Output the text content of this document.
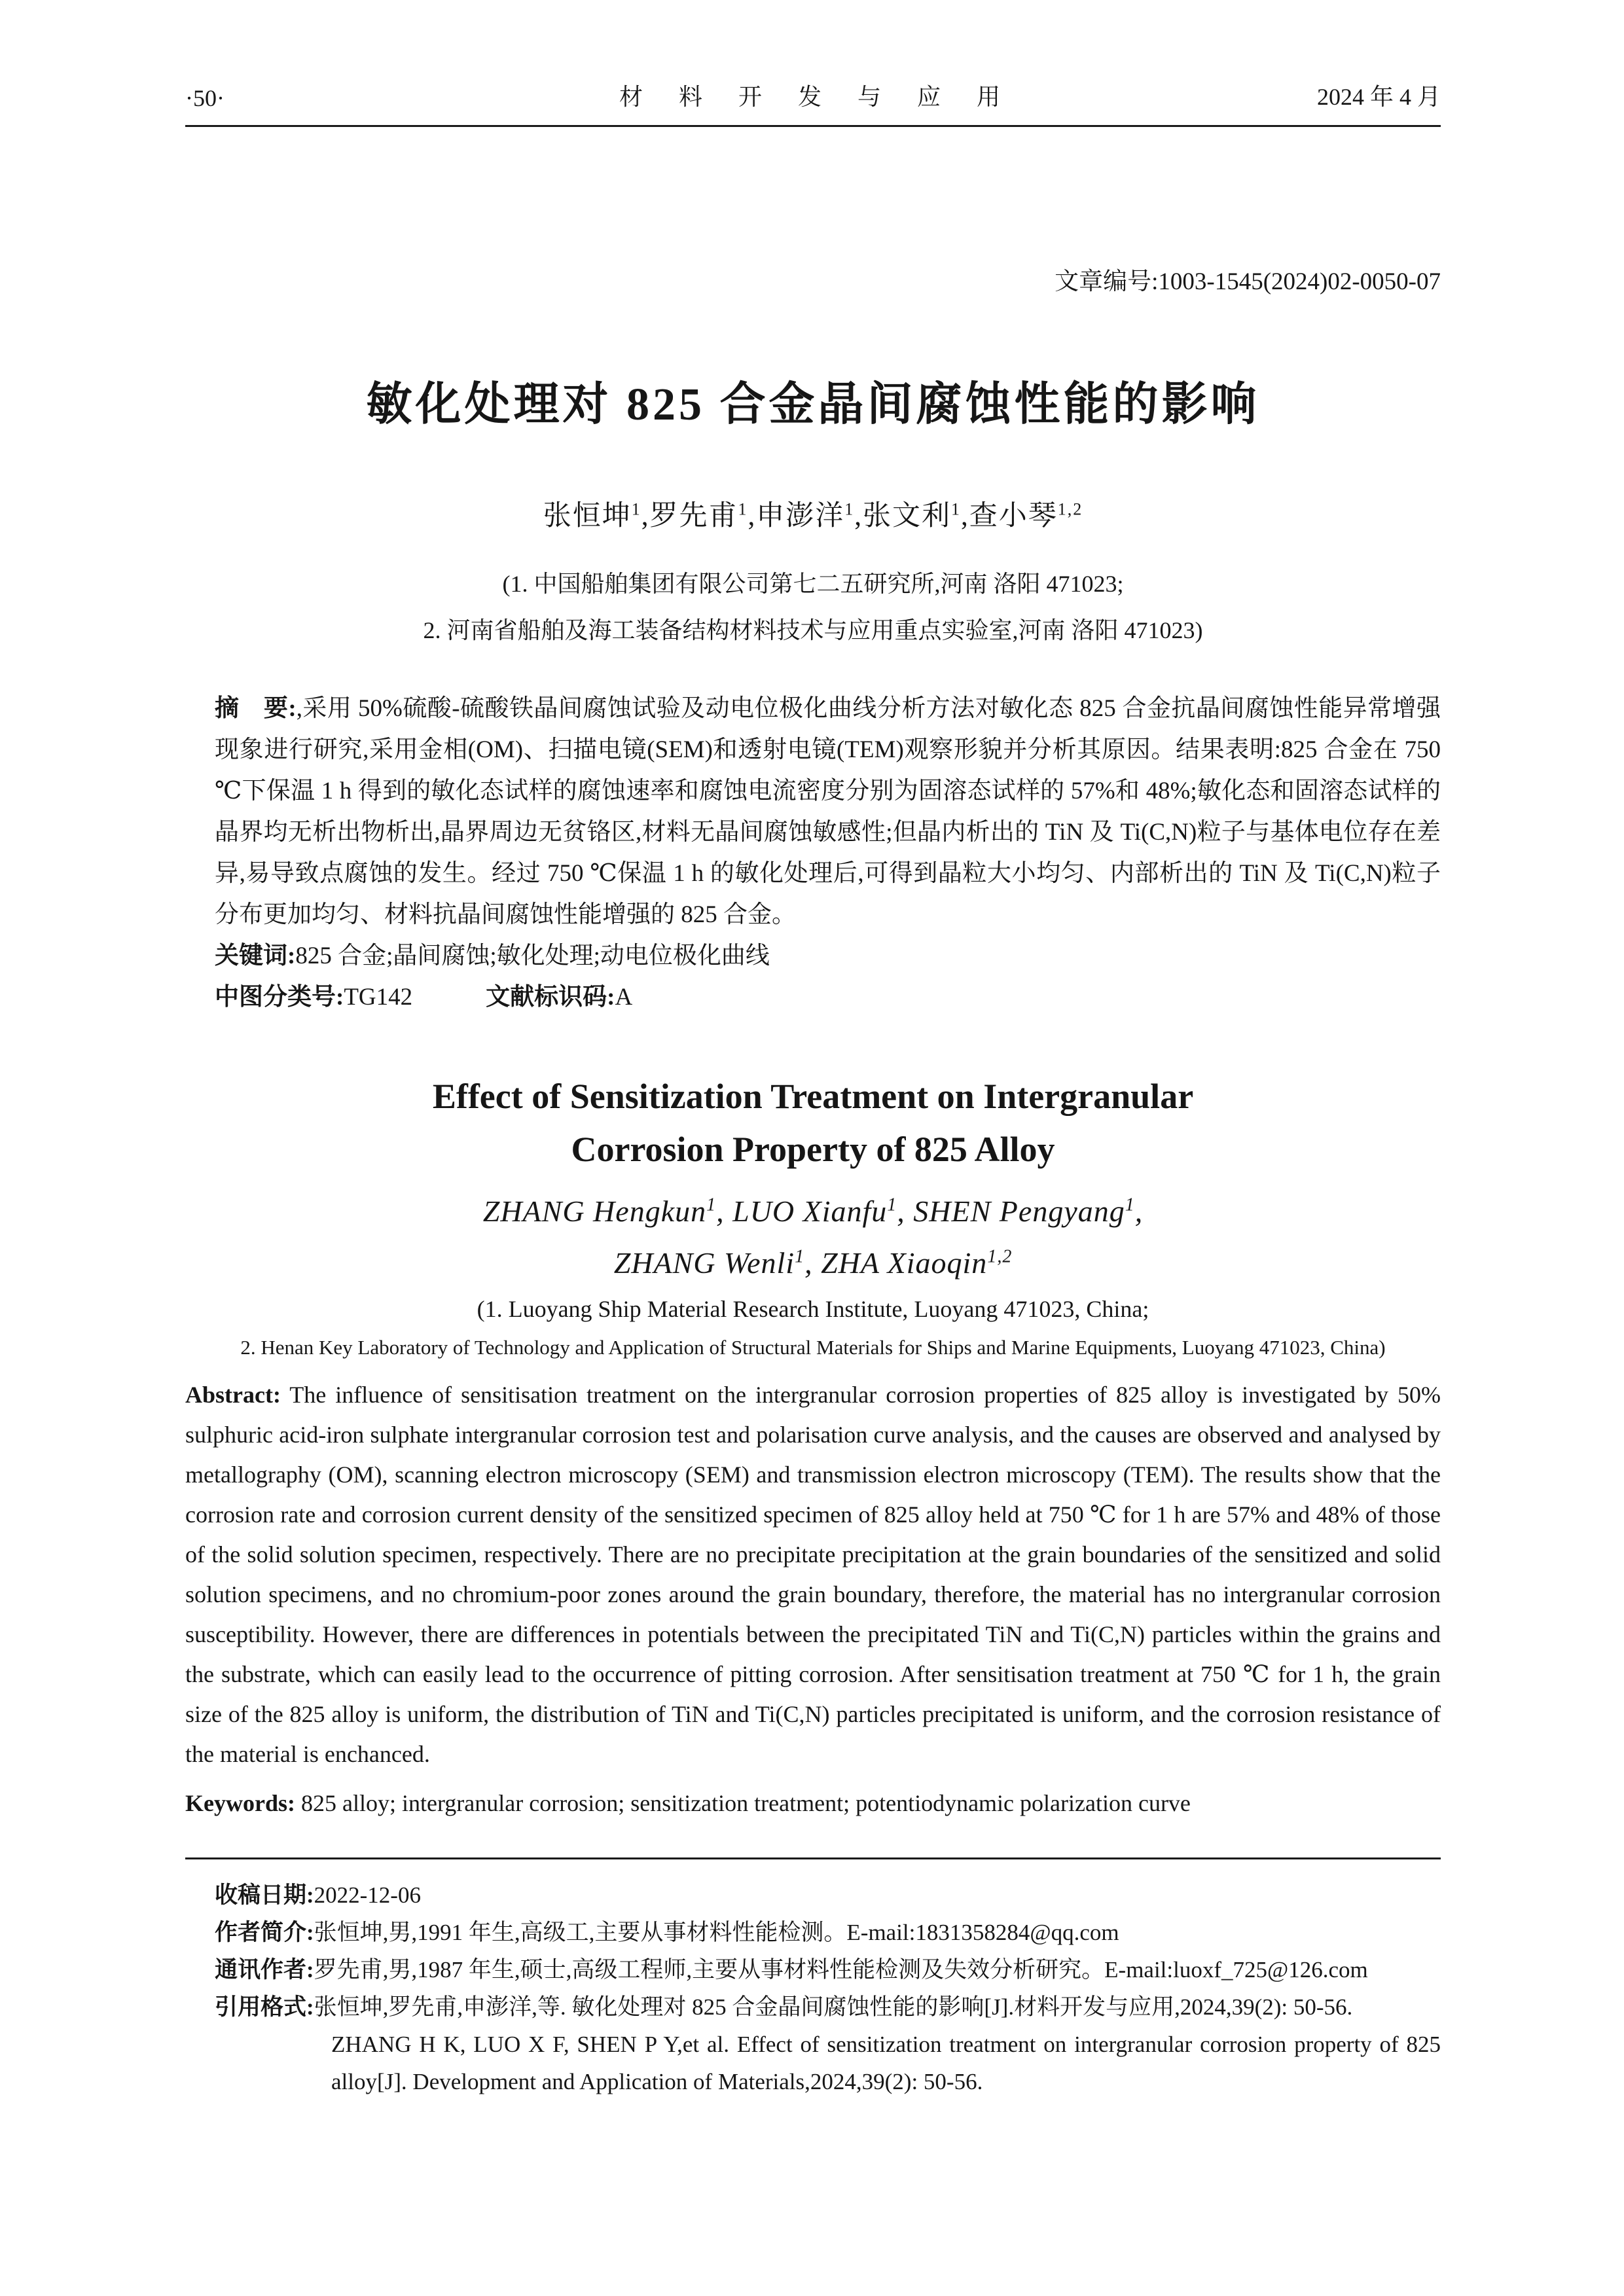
·50·	材 料 开 发 与 应 用	2024 年 4 月
文章编号:1003-1545(2024)02-0050-07
敏化处理对 825 合金晶间腐蚀性能的影响
张恒坤$^1$,罗先甫$^1$,申澎洋$^1$,张文利$^1$,查小琴$^{1,2}$
(1. 中国船舶集团有限公司第七二五研究所,河南 洛阳 471023;
2. 河南省船舶及海工装备结构材料技术与应用重点实验室,河南 洛阳 471023)
摘　要:,采用 50%硫酸-硫酸铁晶间腐蚀试验及动电位极化曲线分析方法对敏化态 825 合金抗晶间腐蚀性能异常增强现象进行研究,采用金相(OM)、扫描电镜(SEM)和透射电镜(TEM)观察形貌并分析其原因。结果表明:825 合金在 750 ℃下保温 1 h 得到的敏化态试样的腐蚀速率和腐蚀电流密度分别为固溶态试样的 57%和 48%;敏化态和固溶态试样的晶界均无析出物析出,晶界周边无贫铬区,材料无晶间腐蚀敏感性;但晶内析出的 TiN 及 Ti(C,N)粒子与基体电位存在差异,易导致点腐蚀的发生。经过 750 ℃保温 1 h 的敏化处理后,可得到晶粒大小均匀、内部析出的 TiN 及 Ti(C,N)粒子分布更加均匀、材料抗晶间腐蚀性能增强的 825 合金。
关键词:825 合金;晶间腐蚀;敏化处理;动电位极化曲线
中图分类号:TG142	文献标识码:A
Effect of Sensitization Treatment on Intergranular
Corrosion Property of 825 Alloy
ZHANG Hengkun$^1$, LUO Xianfu$^1$, SHEN Pengyang$^1$,
ZHANG Wenli$^1$, ZHA Xiaoqin$^{1,2}$
(1. Luoyang Ship Material Research Institute, Luoyang 471023, China;
2. Henan Key Laboratory of Technology and Application of Structural Materials for Ships and Marine Equipments, Luoyang 471023, China)

Abstract: The influence of sensitisation treatment on the intergranular corrosion properties of 825 alloy is investigated by 50% sulphuric acid-iron sulphate intergranular corrosion test and polarisation curve analysis, and the causes are observed and analysed by metallography (OM), scanning electron microscopy (SEM) and transmission electron microscopy (TEM). The results show that the corrosion rate and corrosion current density of the sensitized specimen of 825 alloy held at 750 ℃ for 1 h are 57% and 48% of those of the solid solution specimen, respectively. There are no precipitate precipitation at the grain boundaries of the sensitized and solid solution specimens, and no chromium-poor zones around the grain boundary, therefore, the material has no intergranular corrosion susceptibility. However, there are differences in potentials between the precipitated TiN and Ti(C,N) particles within the grains and the substrate, which can easily lead to the occurrence of pitting corrosion. After sensitisation treatment at 750 ℃ for 1 h, the grain size of the 825 alloy is uniform, the distribution of TiN and Ti(C,N) particles precipitated is uniform, and the corrosion resistance of the material is enchanced.

Keywords: 825 alloy; intergranular corrosion; sensitization treatment; potentiodynamic polarization curve

收稿日期:2022-12-06
作者简介:张恒坤,男,1991 年生,高级工,主要从事材料性能检测。E-mail:1831358284@qq.com
通讯作者:罗先甫,男,1987 年生,硕士,高级工程师,主要从事材料性能检测及失效分析研究。E-mail:luoxf_725@126.com
引用格式:张恒坤,罗先甫,申澎洋,等. 敏化处理对 825 合金晶间腐蚀性能的影响[J].材料开发与应用,2024,39(2): 50-56.
ZHANG H K, LUO X F, SHEN P Y,et al. Effect of sensitization treatment on intergranular corrosion property of 825 alloy[J]. Development and Application of Materials,2024,39(2): 50-56.
